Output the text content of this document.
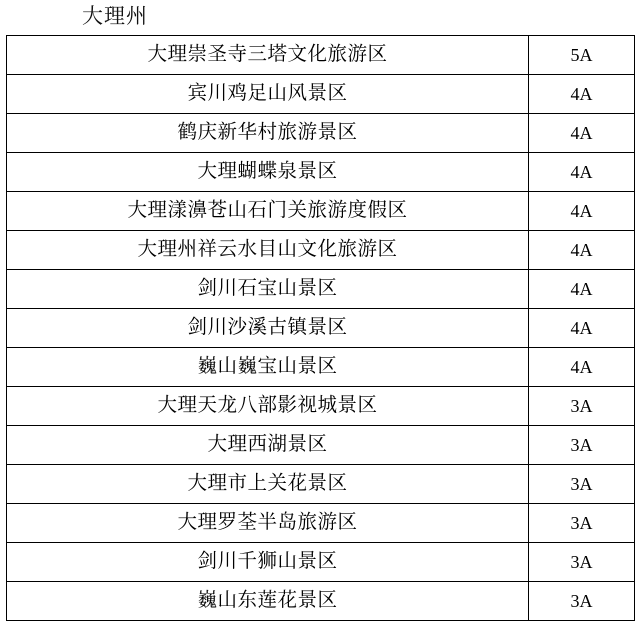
大理州
大理崇圣寺三塔文化旅游区	5A
宾川鸡足山风景区	4A
鹤庆新华村旅游景区	4A
大理蝴蝶泉景区	4A
大理漾濞苍山石门关旅游度假区	4A
大理州祥云水目山文化旅游区	4A
剑川石宝山景区	4A
剑川沙溪古镇景区	4A
巍山巍宝山景区	4A
大理天龙八部影视城景区	3A
大理西湖景区	3A
大理市上关花景区	3A
大理罗荃半岛旅游区	3A
剑川千狮山景区	3A
巍山东莲花景区	3A
